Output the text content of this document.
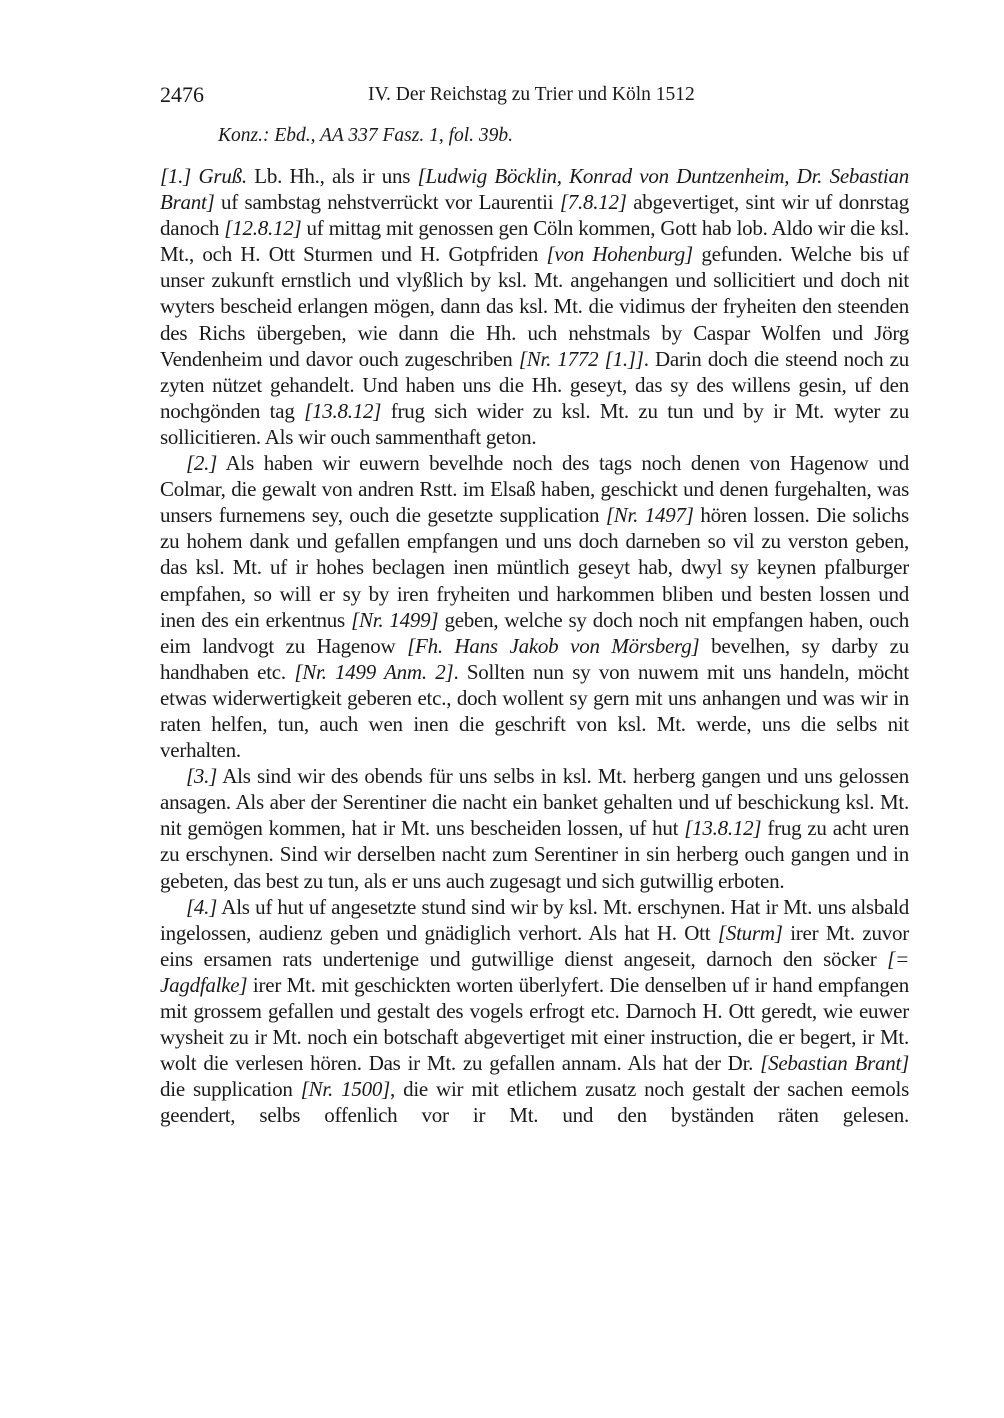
2476	IV. Der Reichstag zu Trier und Köln 1512
Konz.: Ebd., AA 337 Fasz. 1, fol. 39b.

[1.] Gruß. Lb. Hh., als ir uns [Ludwig Böcklin, Konrad von Duntzenheim, Dr. Sebastian Brant] uf sambstag nehstverrückt vor Laurentii [7.8.12] abgevertiget, sint wir uf donrstag danoch [12.8.12] uf mittag mit genossen gen Cöln kommen, Gott hab lob. Aldo wir die ksl. Mt., och H. Ott Sturmen und H. Gotpfriden [von Hohenburg] gefunden. Welche bis uf unser zukunft ernstlich und vlyßlich by ksl. Mt. angehangen und sollicitiert und doch nit wyters bescheid erlangen mögen, dann das ksl. Mt. die vidimus der fryheiten den steenden des Richs übergeben, wie dann die Hh. uch nehstmals by Caspar Wolfen und Jörg Vendenheim und davor ouch zugeschriben [Nr. 1772 [1.]]. Darin doch die steend noch zu zyten nützet gehandelt. Und haben uns die Hh. geseyt, das sy des willens gesin, uf den nochgönden tag [13.8.12] frug sich wider zu ksl. Mt. zu tun und by ir Mt. wyter zu sollicitieren. Als wir ouch sammenthaft geton.

[2.] Als haben wir euwern bevelhde noch des tags noch denen von Hagenow und Colmar, die gewalt von andren Rstt. im Elsaß haben, geschickt und denen furgehalten, was unsers furnemens sey, ouch die gesetzte supplication [Nr. 1497] hören lossen. Die solichs zu hohem dank und gefallen empfangen und uns doch darneben so vil zu verston geben, das ksl. Mt. uf ir hohes beclagen inen müntlich geseyt hab, dwyl sy keynen pfalburger empfahen, so will er sy by iren fryheiten und harkommen bliben und besten lossen und inen des ein erkentnus [Nr. 1499] geben, welche sy doch noch nit empfangen haben, ouch eim landvogt zu Hagenow [Fh. Hans Jakob von Mörsberg] bevelhen, sy darby zu handhaben etc. [Nr. 1499 Anm. 2]. Sollten nun sy von nuwem mit uns handeln, möcht etwas widerwertigkeit geberen etc., doch wollent sy gern mit uns anhangen und was wir in raten helfen, tun, auch wen inen die geschrift von ksl. Mt. werde, uns die selbs nit verhalten.

[3.] Als sind wir des obends für uns selbs in ksl. Mt. herberg gangen und uns gelossen ansagen. Als aber der Serentiner die nacht ein banket gehalten und uf beschickung ksl. Mt. nit gemögen kommen, hat ir Mt. uns bescheiden lossen, uf hut [13.8.12] frug zu acht uren zu erschynen. Sind wir derselben nacht zum Serentiner in sin herberg ouch gangen und in gebeten, das best zu tun, als er uns auch zugesagt und sich gutwillig erboten.

[4.] Als uf hut uf angesetzte stund sind wir by ksl. Mt. erschynen. Hat ir Mt. uns alsbald ingelossen, audienz geben und gnädiglich verhort. Als hat H. Ott [Sturm] irer Mt. zuvor eins ersamen rats undertenige und gutwillige dienst angeseit, darnoch den söcker [= Jagdfalke] irer Mt. mit geschickten worten überlyfert. Die denselben uf ir hand empfangen mit grossem gefallen und gestalt des vogels erfrogt etc. Darnoch H. Ott geredt, wie euwer wysheit zu ir Mt. noch ein botschaft abgevertiget mit einer instruction, die er begert, ir Mt. wolt die verlesen hören. Das ir Mt. zu gefallen annam. Als hat der Dr. [Sebastian Brant] die supplication [Nr. 1500], die wir mit etlichem zusatz noch gestalt der sachen eemols geendert, selbs offenlich vor ir Mt. und den byständen räten gelesen.
